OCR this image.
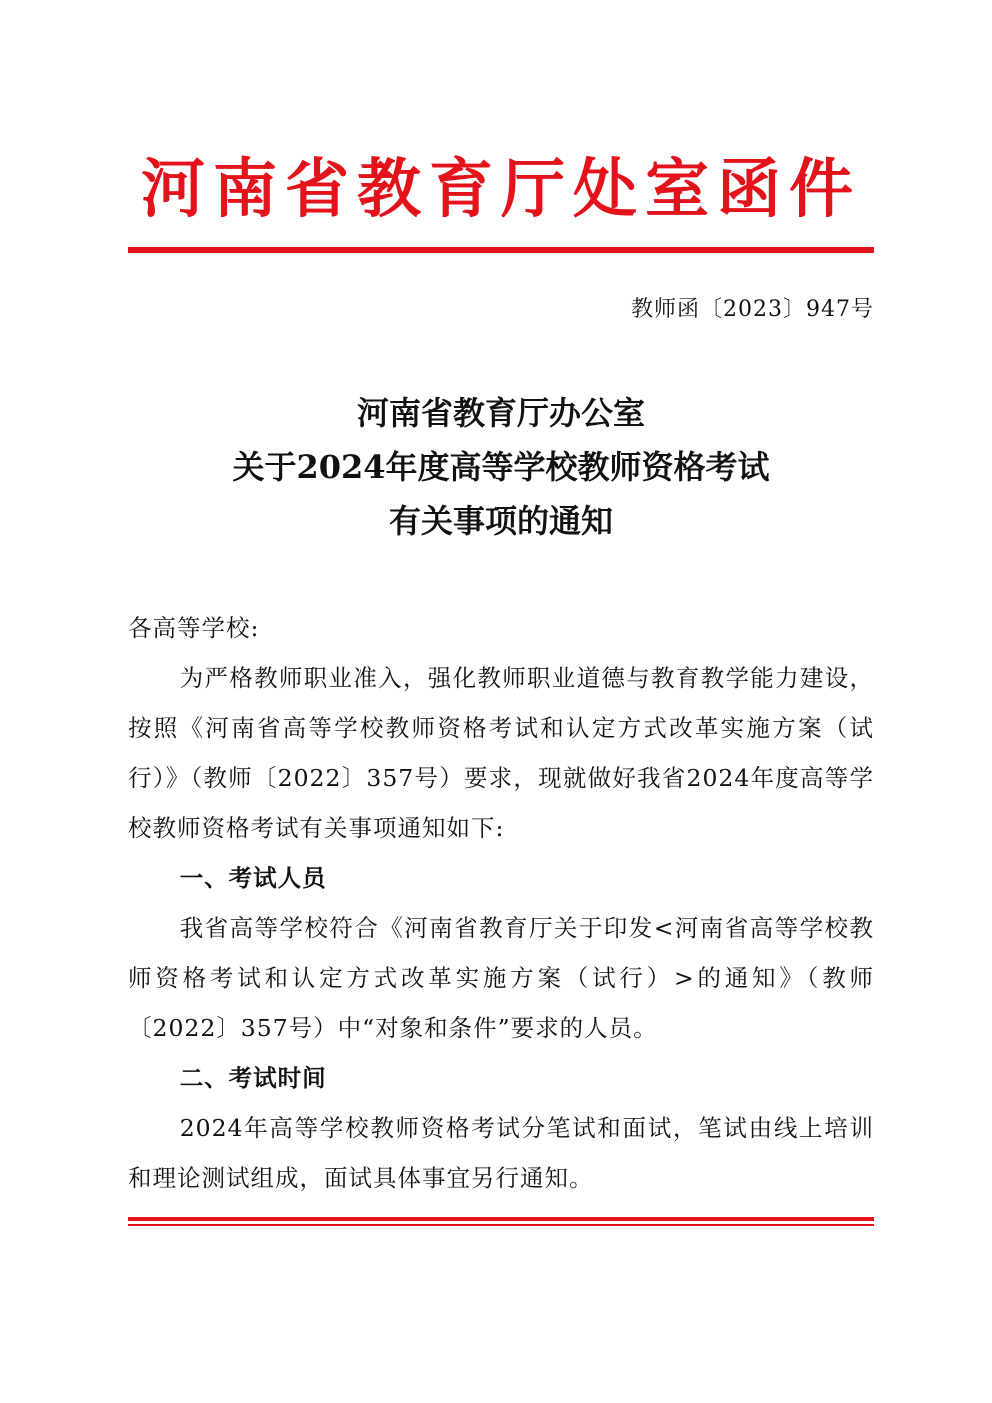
河南省教育厅处室函件
教师函〔2023〕947号
河南省教育厅办公室
关于2024年度高等学校教师资格考试
有关事项的通知

各高等学校:

为严格教师职业准入，强化教师职业道德与教育教学能力建设，按照《河南省高等学校教师资格考试和认定方式改革实施方案（试行）》（教师〔2022〕357号）要求，现就做好我省2024年度高等学校教师资格考试有关事项通知如下:

一、考试人员

我省高等学校符合《河南省教育厅关于印发<河南省高等学校教师资格考试和认定方式改革实施方案（试行）>的通知》（教师〔2022〕357号）中“对象和条件”要求的人员。

二、考试时间

2024年高等学校教师资格考试分笔试和面试，笔试由线上培训和理论测试组成，面试具体事宜另行通知。
